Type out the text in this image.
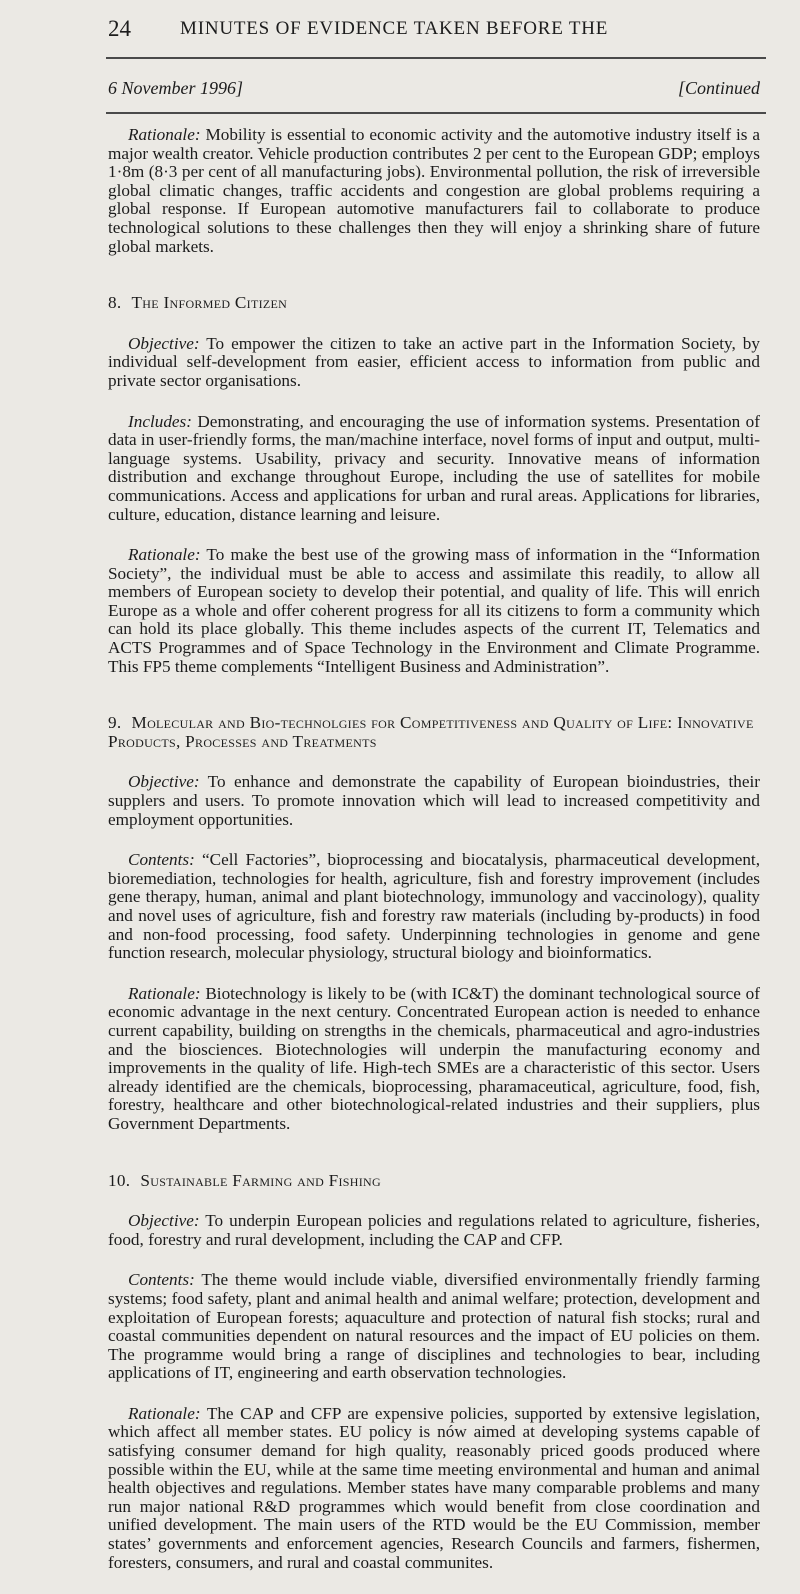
24	MINUTES OF EVIDENCE TAKEN BEFORE THE
6 November 1996]	[Continued

Rationale: Mobility is essential to economic activity and the automotive industry itself is a major wealth creator. Vehicle production contributes 2 per cent to the European GDP; employs 1·8m (8·3 per cent of all manufacturing jobs). Environmental pollution, the risk of irreversible global climatic changes, traffic accidents and congestion are global problems requiring a global response. If European automotive manufacturers fail to collaborate to produce technological solutions to these challenges then they will enjoy a shrinking share of future global markets.

8. The Informed Citizen

Objective: To empower the citizen to take an active part in the Information Society, by individual self-development from easier, efficient access to information from public and private sector organisations.

Includes: Demonstrating, and encouraging the use of information systems. Presentation of data in user-friendly forms, the man/machine interface, novel forms of input and output, multi-language systems. Usability, privacy and security. Innovative means of information distribution and exchange throughout Europe, including the use of satellites for mobile communications. Access and applications for urban and rural areas. Applications for libraries, culture, education, distance learning and leisure.

Rationale: To make the best use of the growing mass of information in the “Information Society”, the individual must be able to access and assimilate this readily, to allow all members of European society to develop their potential, and quality of life. This will enrich Europe as a whole and offer coherent progress for all its citizens to form a community which can hold its place globally. This theme includes aspects of the current IT, Telematics and ACTS Programmes and of Space Technology in the Environment and Climate Programme. This FP5 theme complements “Intelligent Business and Administration”.

9. Molecular and Bio-technolgies for Competitiveness and Quality of Life: Innovative Products, Processes and Treatments

Objective: To enhance and demonstrate the capability of European bioindustries, their supplers and users. To promote innovation which will lead to increased competitivity and employment opportunities.

Contents: “Cell Factories”, bioprocessing and biocatalysis, pharmaceutical development, bioremediation, technologies for health, agriculture, fish and forestry improvement (includes gene therapy, human, animal and plant biotechnology, immunology and vaccinology), quality and novel uses of agriculture, fish and forestry raw materials (including by-products) in food and non-food processing, food safety. Underpinning technologies in genome and gene function research, molecular physiology, structural biology and bioinformatics.

Rationale: Biotechnology is likely to be (with IC&T) the dominant technological source of economic advantage in the next century. Concentrated European action is needed to enhance current capability, building on strengths in the chemicals, pharmaceutical and agro-industries and the biosciences. Biotechnologies will underpin the manufacturing economy and improvements in the quality of life. High-tech SMEs are a characteristic of this sector. Users already identified are the chemicals, bioprocessing, pharamaceutical, agriculture, food, fish, forestry, healthcare and other biotechnological-related industries and their suppliers, plus Government Departments.

10. Sustainable Farming and Fishing

Objective: To underpin European policies and regulations related to agriculture, fisheries, food, forestry and rural development, including the CAP and CFP.

Contents: The theme would include viable, diversified environmentally friendly farming systems; food safety, plant and animal health and animal welfare; protection, development and exploitation of European forests; aquaculture and protection of natural fish stocks; rural and coastal communities dependent on natural resources and the impact of EU policies on them. The programme would bring a range of disciplines and technologies to bear, including applications of IT, engineering and earth observation technologies.

Rationale: The CAP and CFP are expensive policies, supported by extensive legislation, which affect all member states. EU policy is nów aimed at developing systems capable of satisfying consumer demand for high quality, reasonably priced goods produced where possible within the EU, while at the same time meeting environmental and human and animal health objectives and regulations. Member states have many comparable problems and many run major national R&D programmes which would benefit from close coordination and unified development. The main users of the RTD would be the EU Commission, member states’ governments and enforcement agencies, Research Councils and farmers, fishermen, foresters, consumers, and rural and coastal communites.
